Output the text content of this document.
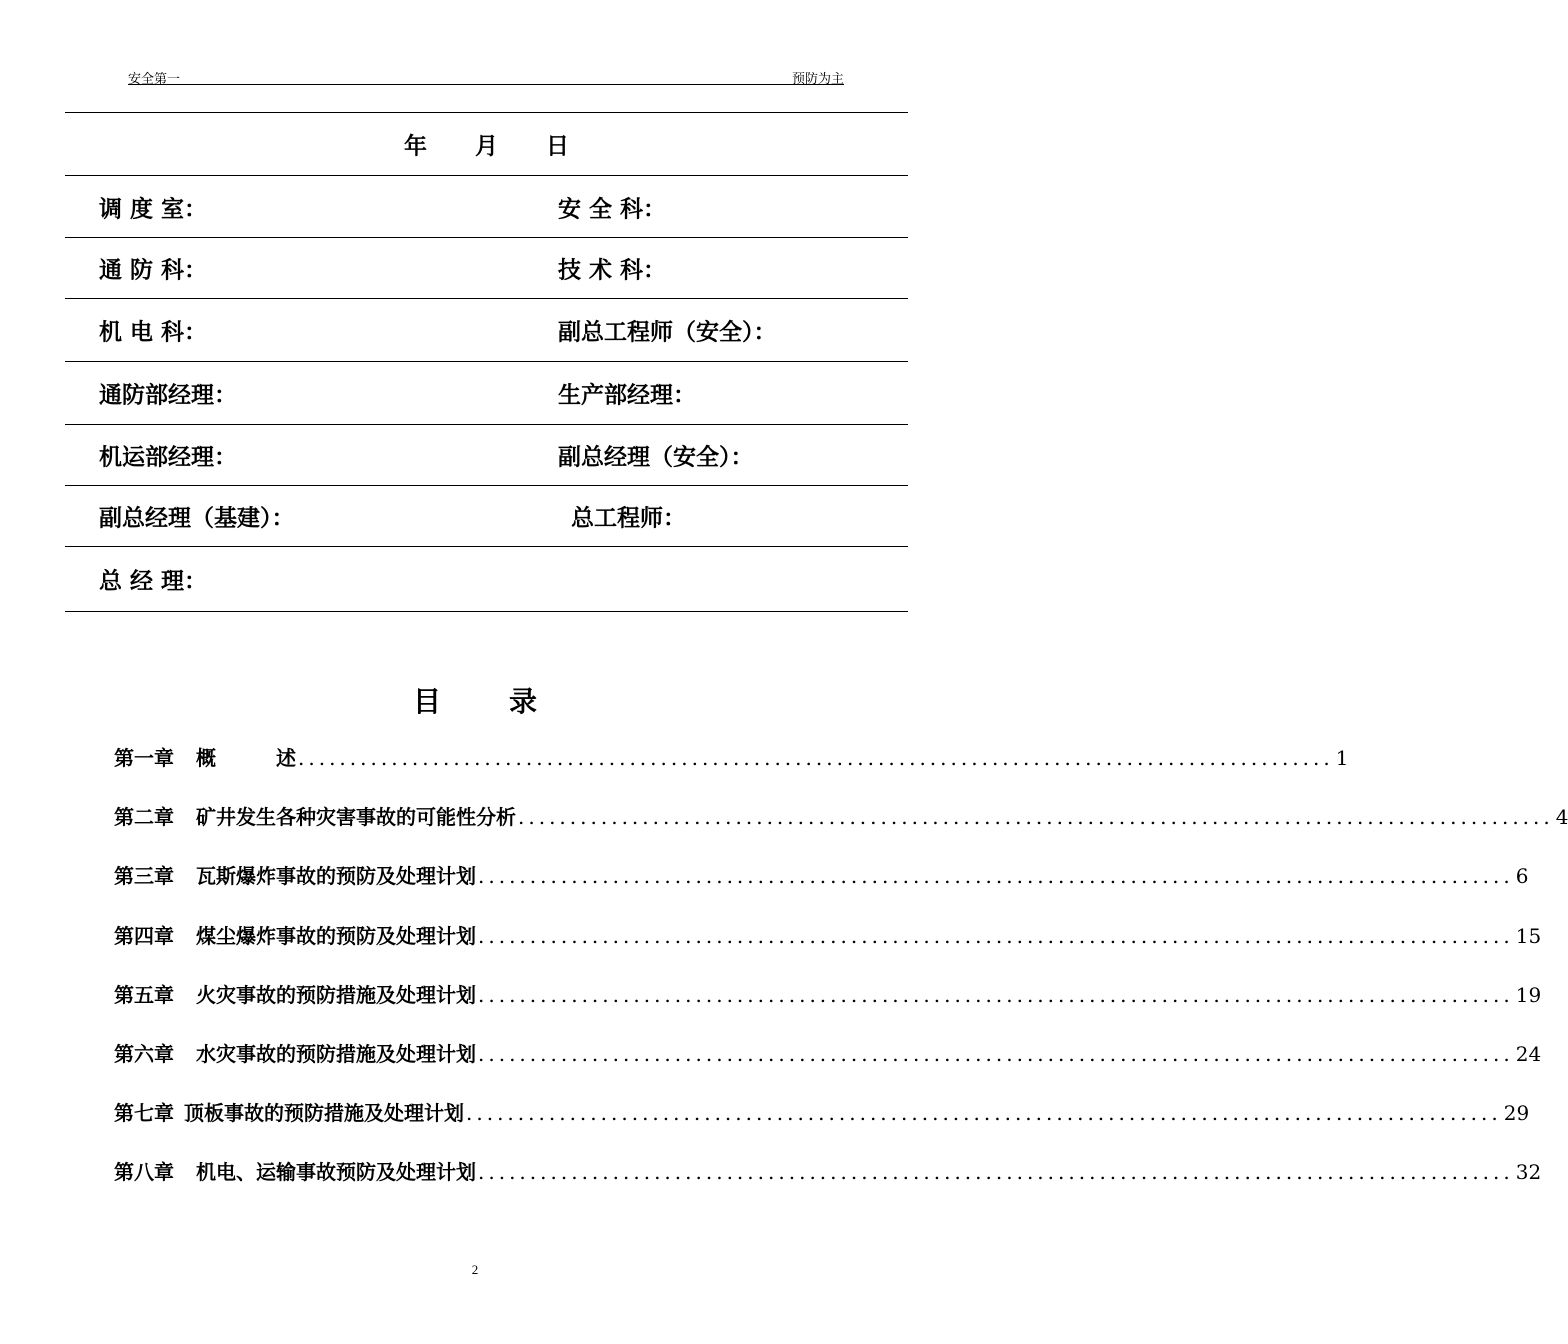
安全第一	预防为主
年 月 日
调 度 室：	安 全 科：
通 防 科：	技 术 科：
机 电 科：	副总工程师（安全）：
通防部经理：	生产部经理：
机运部经理：	副总经理（安全）：
副总经理（基建）：	总工程师：
总 经 理：
目 录
第一章 概　　　述 .................................................................................................... 1
第二章 矿井发生各种灾害事故的可能性分析 .................................................................................................... 4
第三章 瓦斯爆炸事故的预防及处理计划 .................................................................................................... 6
第四章 煤尘爆炸事故的预防及处理计划 .................................................................................................... 15
第五章 火灾事故的预防措施及处理计划 .................................................................................................... 19
第六章 水灾事故的预防措施及处理计划 .................................................................................................... 24
第七章 顶板事故的预防措施及处理计划 .................................................................................................... 29
第八章 机电、运输事故预防及处理计划 .................................................................................................... 32
2
